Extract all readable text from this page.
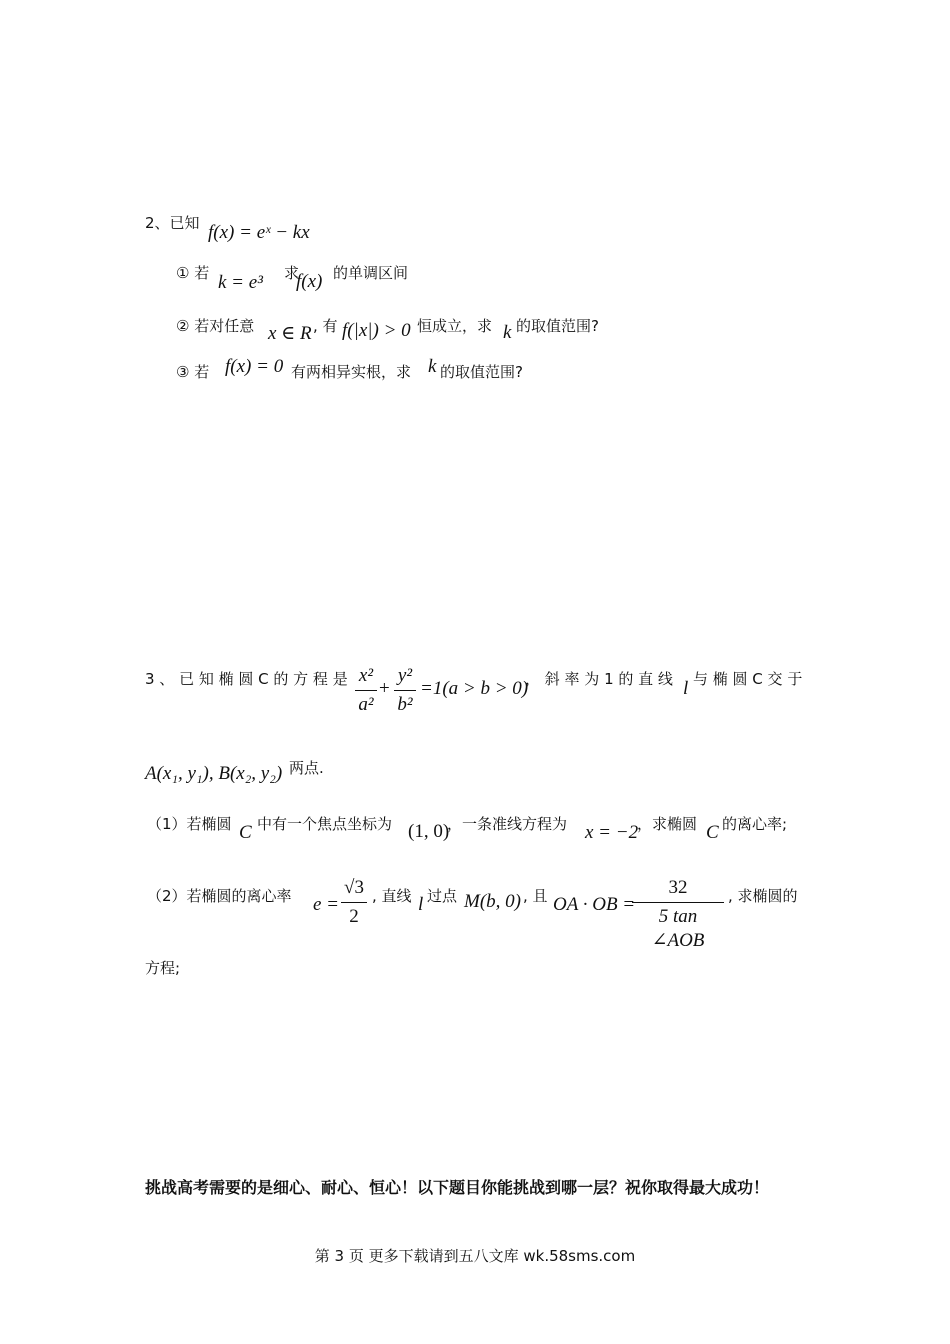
2、已知 f(x) = eˣ − kx
① 若 k = e³ 求
f(x) 的单调区间
② 若对任意 x ∈ R , 有 f(|x|) > 0 恒成立，求 k 的取值范围?
③ 若 f(x) = 0 有两相异实根，求 k 的取值范围?
3 、 已 知 椭 圆 C 的 方 程 是 x²
a²
+
y²
b²
=1(a > b > 0)
， 斜 率 为 1 的 直 线 l 与 椭 圆 C 交 于
A(x₁, y₁), B(x₂, y₂) 两点.
（1）若椭圆 C 中有一个焦点坐标为 (1, 0)
，一条准线方程为 x = −2
，求椭圆 C 的离心率;
（2）若椭圆的离心率 e =
√3
2
, 直线 l 过点 M(b, 0) , 且 OA · OB =
32
5 tan ∠AOB
, 求椭圆的
方程;
挑战高考需要的是细心、耐心、恒心！以下题目你能挑战到哪一层？祝你取得最大成功！
第 3 页 更多下载请到五八文库 wk.58sms.com
